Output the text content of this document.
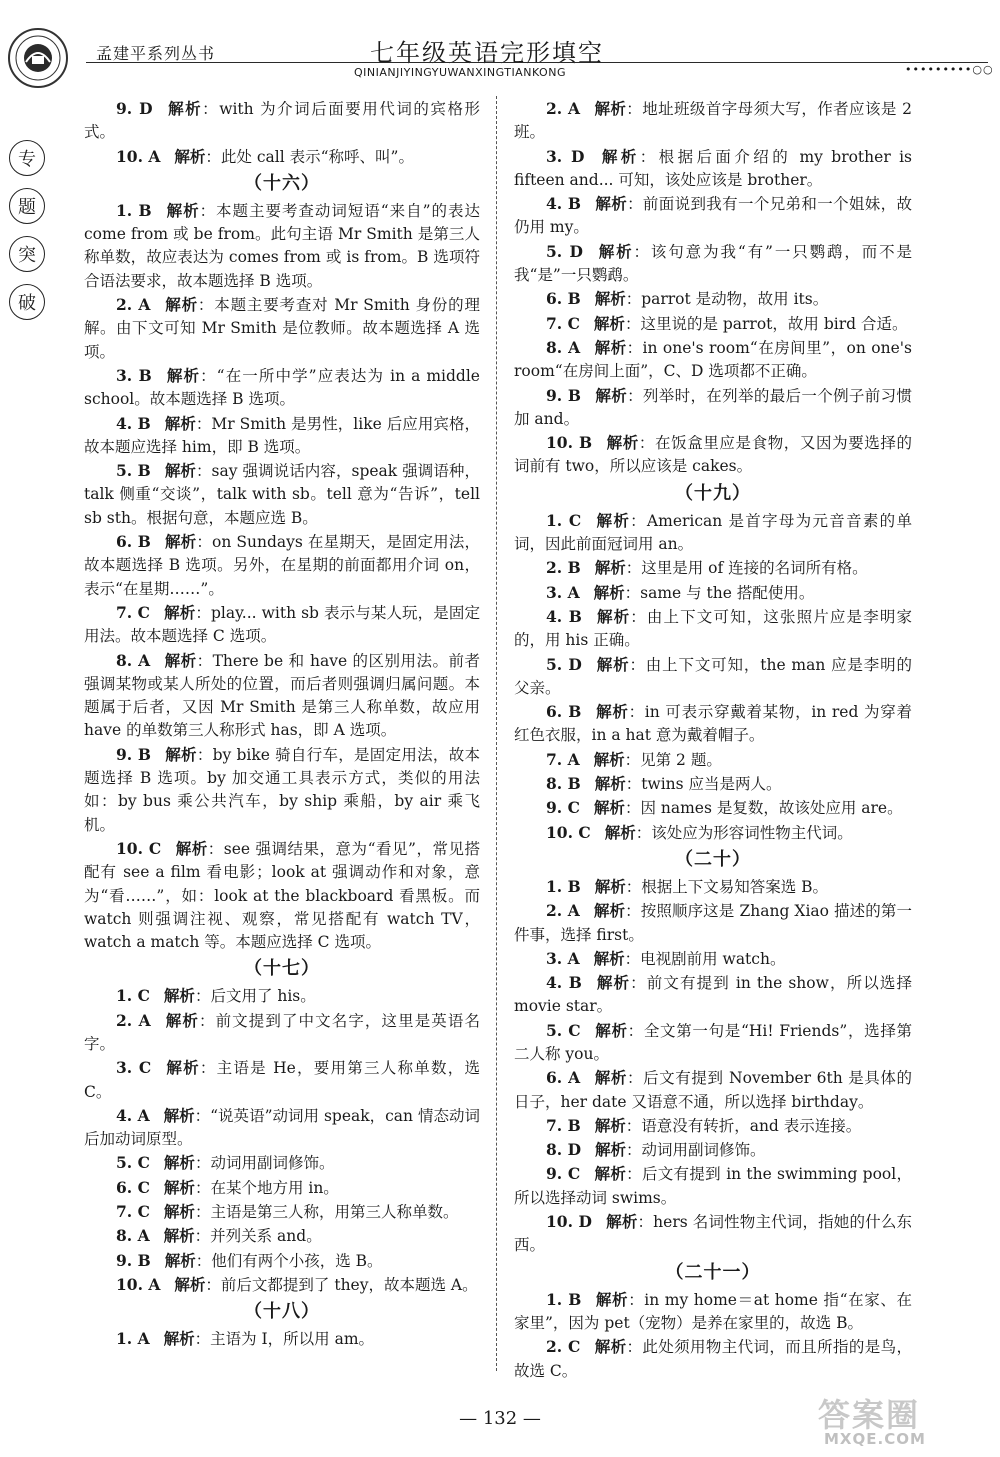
孟建平系列丛书	七年级英语完形填空
QINIANJIYINGYUWANXINGTIANKONG	•••••••••○○
专
题
突
破

9. D 解析：with 为介词后面要用代词的宾格形式。

10. A 解析：此处 call 表示“称呼、叫”。

（十六）

1. B 解析：本题主要考查动词短语“来自”的表达 come from 或 be from。此句主语 Mr Smith 是第三人称单数，故应表达为 comes from 或 is from。B 选项符合语法要求，故本题选择 B 选项。

2. A 解析：本题主要考查对 Mr Smith 身份的理解。由下文可知 Mr Smith 是位教师。故本题选择 A 选项。

3. B 解析：“在一所中学”应表达为 in a middle school。故本题选择 B 选项。

4. B 解析：Mr Smith 是男性，like 后应用宾格，故本题应选择 him，即 B 选项。

5. B 解析：say 强调说话内容，speak 强调语种，talk 侧重“交谈”，talk with sb。tell 意为“告诉”，tell sb sth。根据句意，本题应选 B。

6. B 解析：on Sundays 在星期天，是固定用法，故本题选择 B 选项。另外，在星期的前面都用介词 on，表示“在星期……”。

7. C 解析：play... with sb 表示与某人玩，是固定用法。故本题选择 C 选项。

8. A 解析：There be 和 have 的区别用法。前者强调某物或某人所处的位置，而后者则强调归属问题。本题属于后者，又因 Mr Smith 是第三人称单数，故应用 have 的单数第三人称形式 has，即 A 选项。

9. B 解析：by bike 骑自行车，是固定用法，故本题选择 B 选项。by 加交通工具表示方式，类似的用法如：by bus 乘公共汽车，by ship 乘船，by air 乘飞机。

10. C 解析：see 强调结果，意为“看见”，常见搭配有 see a film 看电影；look at 强调动作和对象，意为“看……”，如：look at the blackboard 看黑板。而 watch 则强调注视、观察，常见搭配有 watch TV，watch a match 等。本题应选择 C 选项。

（十七）

1. C 解析：后文用了 his。

2. A 解析：前文提到了中文名字，这里是英语名字。

3. C 解析：主语是 He，要用第三人称单数，选 C。

4. A 解析：“说英语”动词用 speak，can 情态动词后加动词原型。

5. C 解析：动词用副词修饰。

6. C 解析：在某个地方用 in。

7. C 解析：主语是第三人称，用第三人称单数。

8. A 解析：并列关系 and。

9. B 解析：他们有两个小孩，选 B。

10. A 解析：前后文都提到了 they，故本题选 A。

（十八）

1. A 解析：主语为 I，所以用 am。

2. A 解析：地址班级首字母须大写，作者应该是 2 班。

3. D 解析：根据后面介绍的 my brother is fifteen and... 可知，该处应该是 brother。

4. B 解析：前面说到我有一个兄弟和一个姐妹，故仍用 my。

5. D 解析：该句意为我“有”一只鹦鹉，而不是我“是”一只鹦鹉。

6. B 解析：parrot 是动物，故用 its。

7. C 解析：这里说的是 parrot，故用 bird 合适。

8. A 解析：in one's room“在房间里”，on one's room“在房间上面”，C、D 选项都不正确。

9. B 解析：列举时，在列举的最后一个例子前习惯加 and。

10. B 解析：在饭盒里应是食物，又因为要选择的词前有 two，所以应该是 cakes。

（十九）

1. C 解析：American 是首字母为元音音素的单词，因此前面冠词用 an。

2. B 解析：这里是用 of 连接的名词所有格。

3. A 解析：same 与 the 搭配使用。

4. B 解析：由上下文可知，这张照片应是李明家的，用 his 正确。

5. D 解析：由上下文可知，the man 应是李明的父亲。

6. B 解析：in 可表示穿戴着某物，in red 为穿着红色衣服，in a hat 意为戴着帽子。

7. A 解析：见第 2 题。

8. B 解析：twins 应当是两人。

9. C 解析：因 names 是复数，故该处应用 are。

10. C 解析：该处应为形容词性物主代词。

（二十）

1. B 解析：根据上下文易知答案选 B。

2. A 解析：按照顺序这是 Zhang Xiao 描述的第一件事，选择 first。

3. A 解析：电视剧前用 watch。

4. B 解析：前文有提到 in the show，所以选择 movie star。

5. C 解析：全文第一句是“Hi! Friends”，选择第二人称 you。

6. A 解析：后文有提到 November 6th 是具体的日子，her date 又语意不通，所以选择 birthday。

7. B 解析：语意没有转折，and 表示连接。

8. D 解析：动词用副词修饰。

9. C 解析：后文有提到 in the swimming pool，所以选择动词 swims。

10. D 解析：hers 名词性物主代词，指她的什么东西。

（二十一）

1. B 解析：in my home＝at home 指“在家、在家里”，因为 pet（宠物）是养在家里的，故选 B。

2. C 解析：此处须用物主代词，而且所指的是鸟，故选 C。

— 132 —	答案圈
MXQE.COM
